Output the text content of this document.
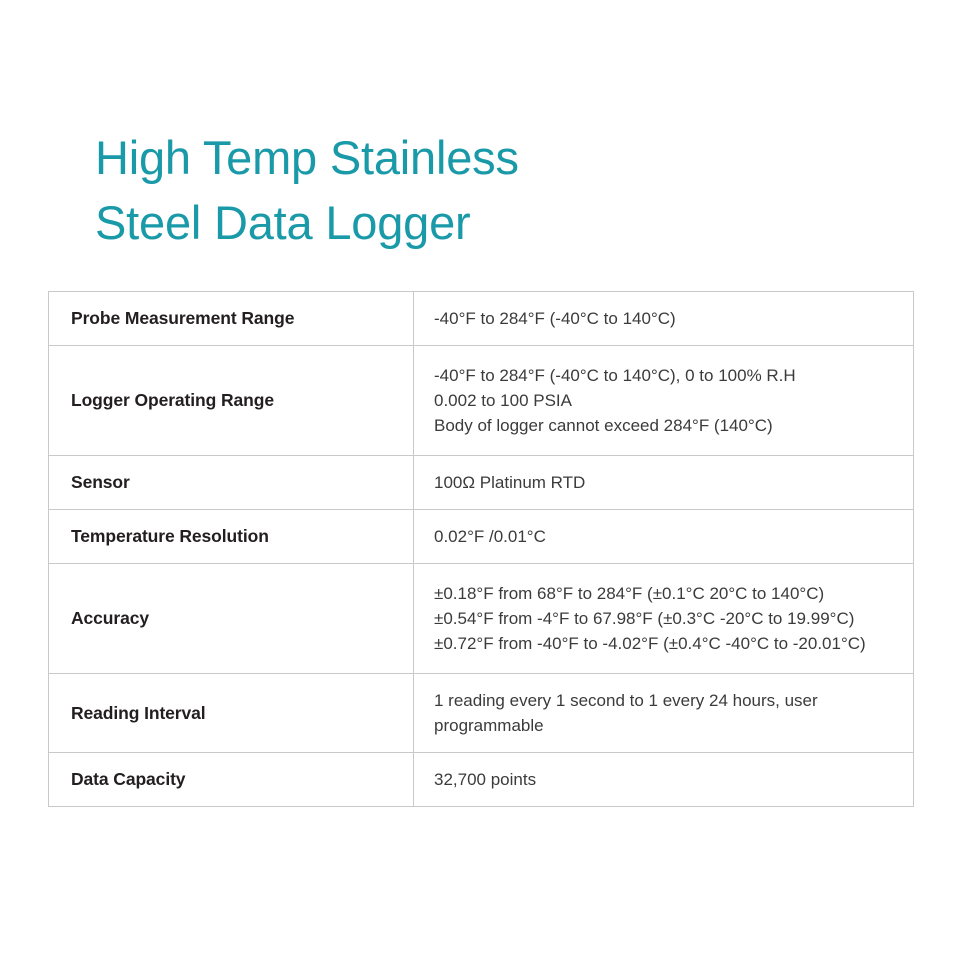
High Temp Stainless
Steel Data Logger
Probe Measurement Range	-40°F to 284°F (-40°C to 140°C)

Logger Operating Range	-40°F to 284°F (-40°C to 140°C), 0 to 100% R.H
0.002 to 100 PSIA
Body of logger cannot exceed 284°F (140°C)

Sensor	100Ω Platinum RTD

Temperature Resolution	0.02°F /0.01°C

Accuracy	±0.18°F from 68°F to 284°F (±0.1°C 20°C to 140°C)
±0.54°F from -4°F to 67.98°F (±0.3°C -20°C to 19.99°C)
±0.72°F from -40°F to -4.02°F (±0.4°C -40°C to -20.01°C)

Reading Interval	1 reading every 1 second to 1 every 24 hours, user
programmable

Data Capacity	32,700 points
